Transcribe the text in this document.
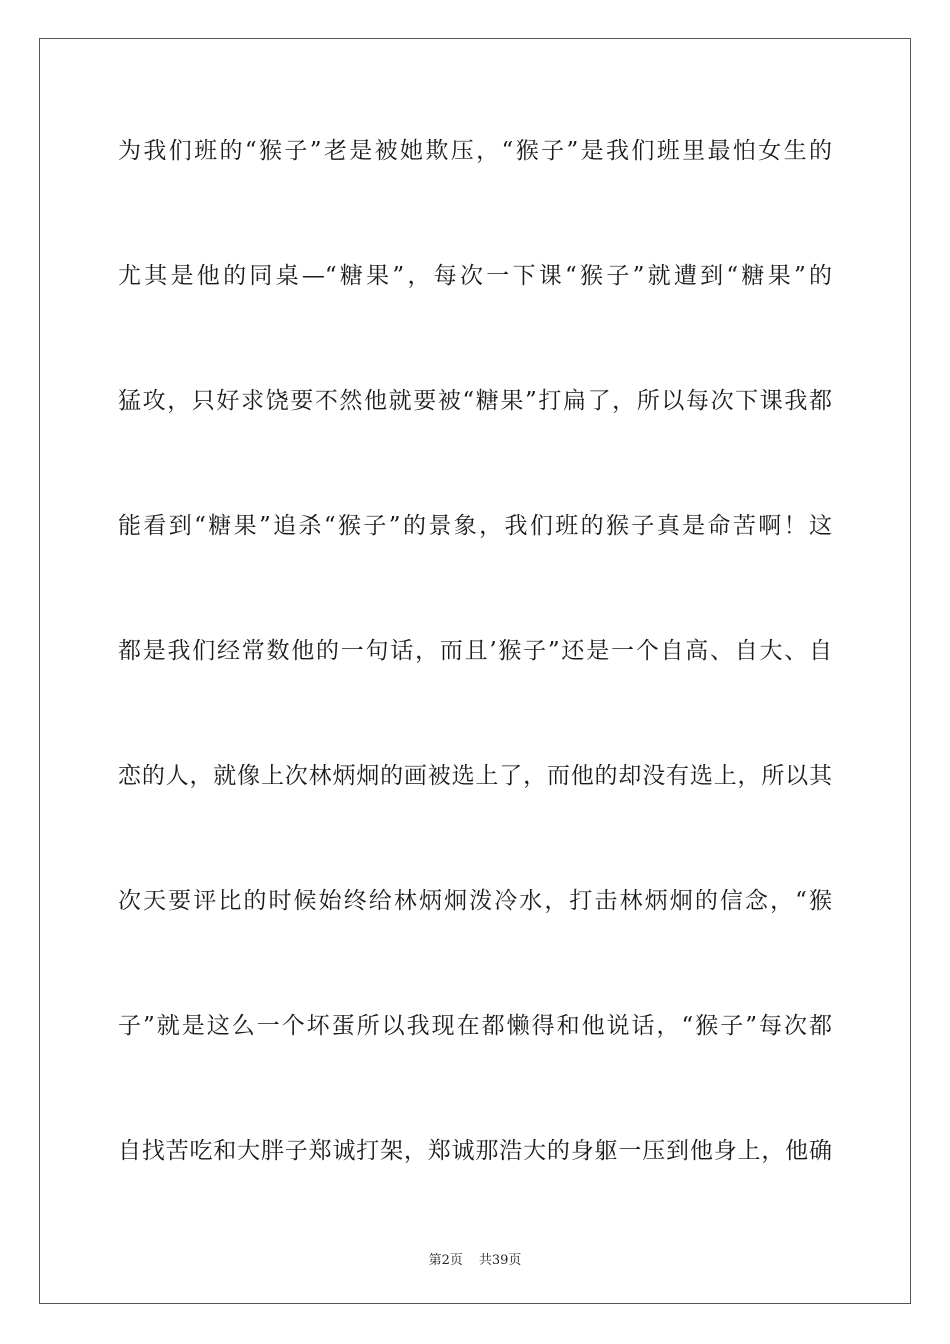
为我们班的“猴子”老是被她欺压，“猴子”是我们班里最怕女生的
尤其是他的同桌—“糖果”，每次一下课“猴子”就遭到“糖果”的
猛攻，只好求饶要不然他就要被“糖果”打扁了，所以每次下课我都
能看到“糖果”追杀“猴子”的景象，我们班的猴子真是命苦啊！这
都是我们经常数他的一句话，而且’猴子”还是一个自高、自大、自
恋的人，就像上次林炳炯的画被选上了，而他的却没有选上，所以其
次天要评比的时候始终给林炳炯泼冷水，打击林炳炯的信念，“猴
子”就是这么一个坏蛋所以我现在都懒得和他说话，“猴子”每次都
自找苦吃和大胖子郑诚打架，郑诚那浩大的身躯一压到他身上，他确
第2页 共39页
